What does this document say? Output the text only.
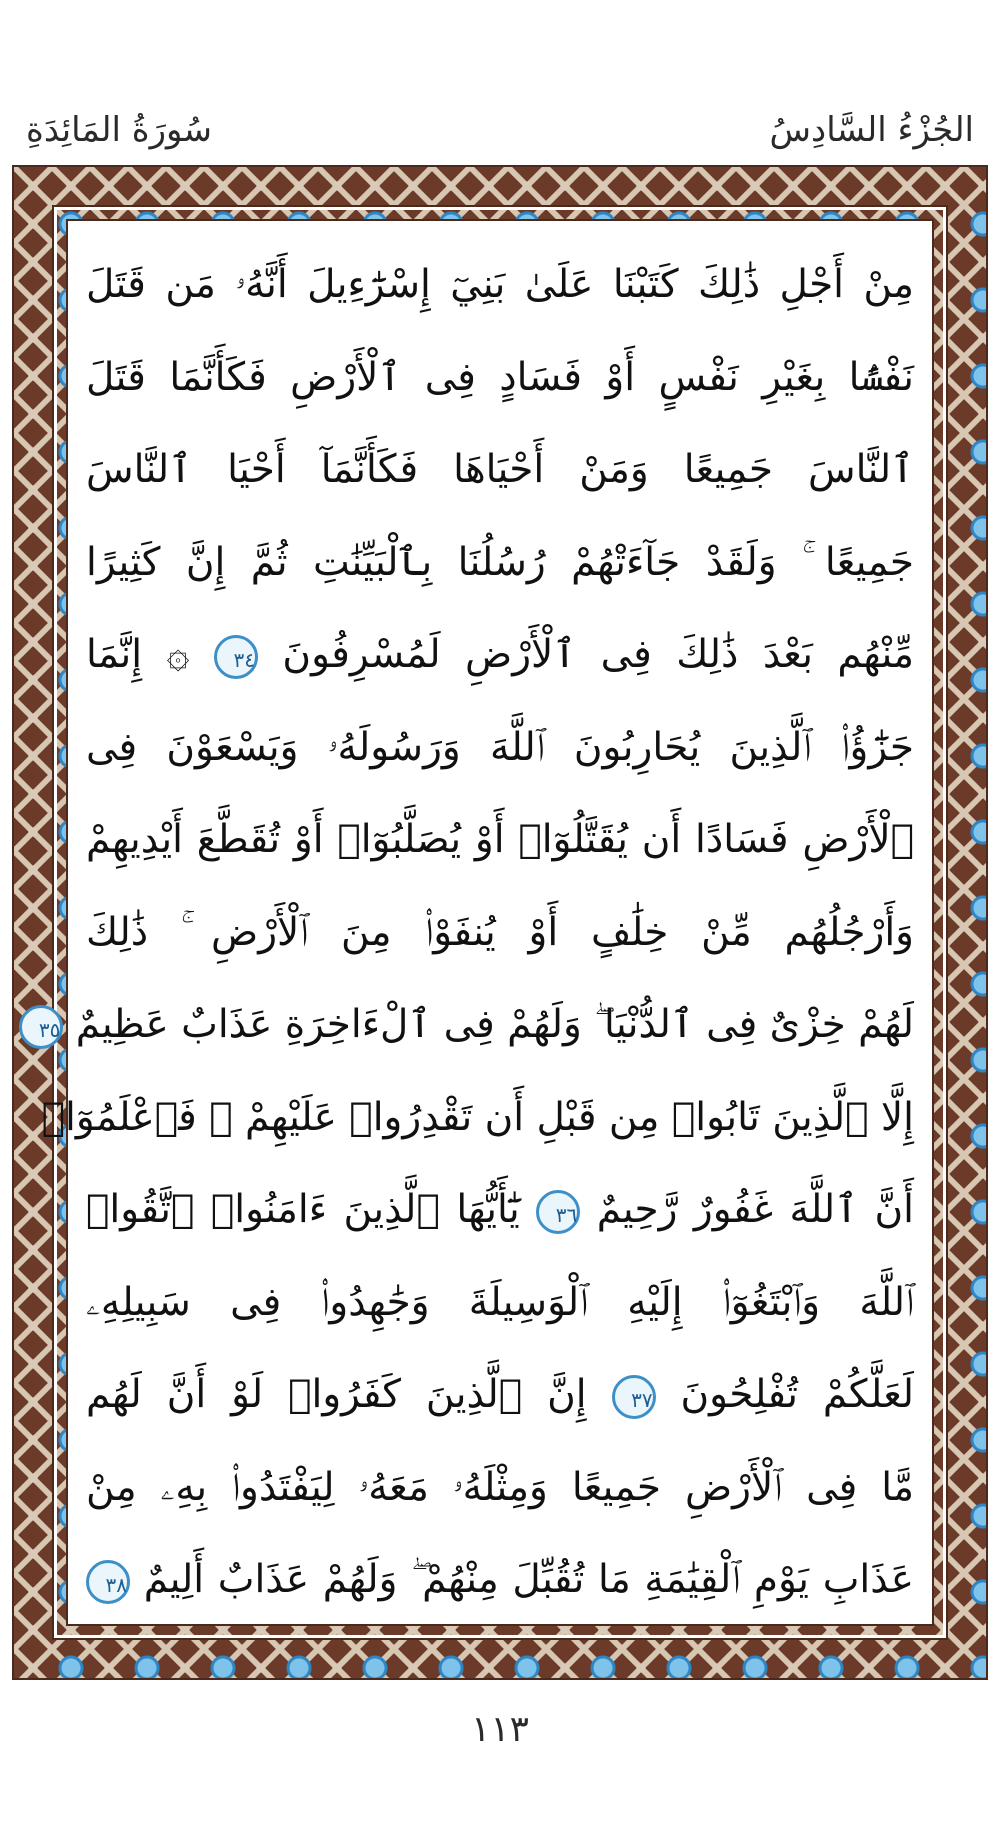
الجُزْءُ السَّادِسُ
سُورَةُ المَائِدَةِ
مِنْ أَجْلِ ذَٰلِكَ كَتَبْنَا عَلَىٰ بَنِيٓ إِسْرَٰٓءِيلَ أَنَّهُۥ مَن قَتَلَ
نَفْسًۢا بِغَيْرِ نَفْسٍ أَوْ فَسَادٍ فِى ٱلْأَرْضِ فَكَأَنَّمَا قَتَلَ
ٱلنَّاسَ جَمِيعًا وَمَنْ أَحْيَاهَا فَكَأَنَّمَآ أَحْيَا ٱلنَّاسَ
جَمِيعًا ۚ وَلَقَدْ جَآءَتْهُمْ رُسُلُنَا بِٱلْبَيِّنَٰتِ ثُمَّ إِنَّ كَثِيرًا
مِّنْهُم بَعْدَ ذَٰلِكَ فِى ٱلْأَرْضِ لَمُسْرِفُونَ ٣٤ ۞ إِنَّمَا
جَزَٰٓؤُا۟ ٱلَّذِينَ يُحَارِبُونَ ٱللَّهَ وَرَسُولَهُۥ وَيَسْعَوْنَ فِى
ٱلْأَرْضِ فَسَادًا أَن يُقَتَّلُوٓا۟ أَوْ يُصَلَّبُوٓا۟ أَوْ تُقَطَّعَ أَيْدِيهِمْ
وَأَرْجُلُهُم مِّنْ خِلَٰفٍ أَوْ يُنفَوْا۟ مِنَ ٱلْأَرْضِ ۚ ذَٰلِكَ
لَهُمْ خِزْىٌ فِى ٱلدُّنْيَا ۖ وَلَهُمْ فِى ٱلْءَاخِرَةِ عَذَابٌ عَظِيمٌ ٣٥
إِلَّا ٱلَّذِينَ تَابُوا۟ مِن قَبْلِ أَن تَقْدِرُوا۟ عَلَيْهِمْ ۖ فَٱعْلَمُوٓا۟
أَنَّ ٱللَّهَ غَفُورٌ رَّحِيمٌ ٣٦ يَٰٓأَيُّهَا ٱلَّذِينَ ءَامَنُوا۟ ٱتَّقُوا۟
ٱللَّهَ وَٱبْتَغُوٓا۟ إِلَيْهِ ٱلْوَسِيلَةَ وَجَٰهِدُوا۟ فِى سَبِيلِهِۦ
لَعَلَّكُمْ تُفْلِحُونَ ٣٧ إِنَّ ٱلَّذِينَ كَفَرُوا۟ لَوْ أَنَّ لَهُم
مَّا فِى ٱلْأَرْضِ جَمِيعًا وَمِثْلَهُۥ مَعَهُۥ لِيَفْتَدُوا۟ بِهِۦ مِنْ
عَذَابِ يَوْمِ ٱلْقِيَٰمَةِ مَا تُقُبِّلَ مِنْهُمْ ۖ وَلَهُمْ عَذَابٌ أَلِيمٌ ٣٨
١١٣
